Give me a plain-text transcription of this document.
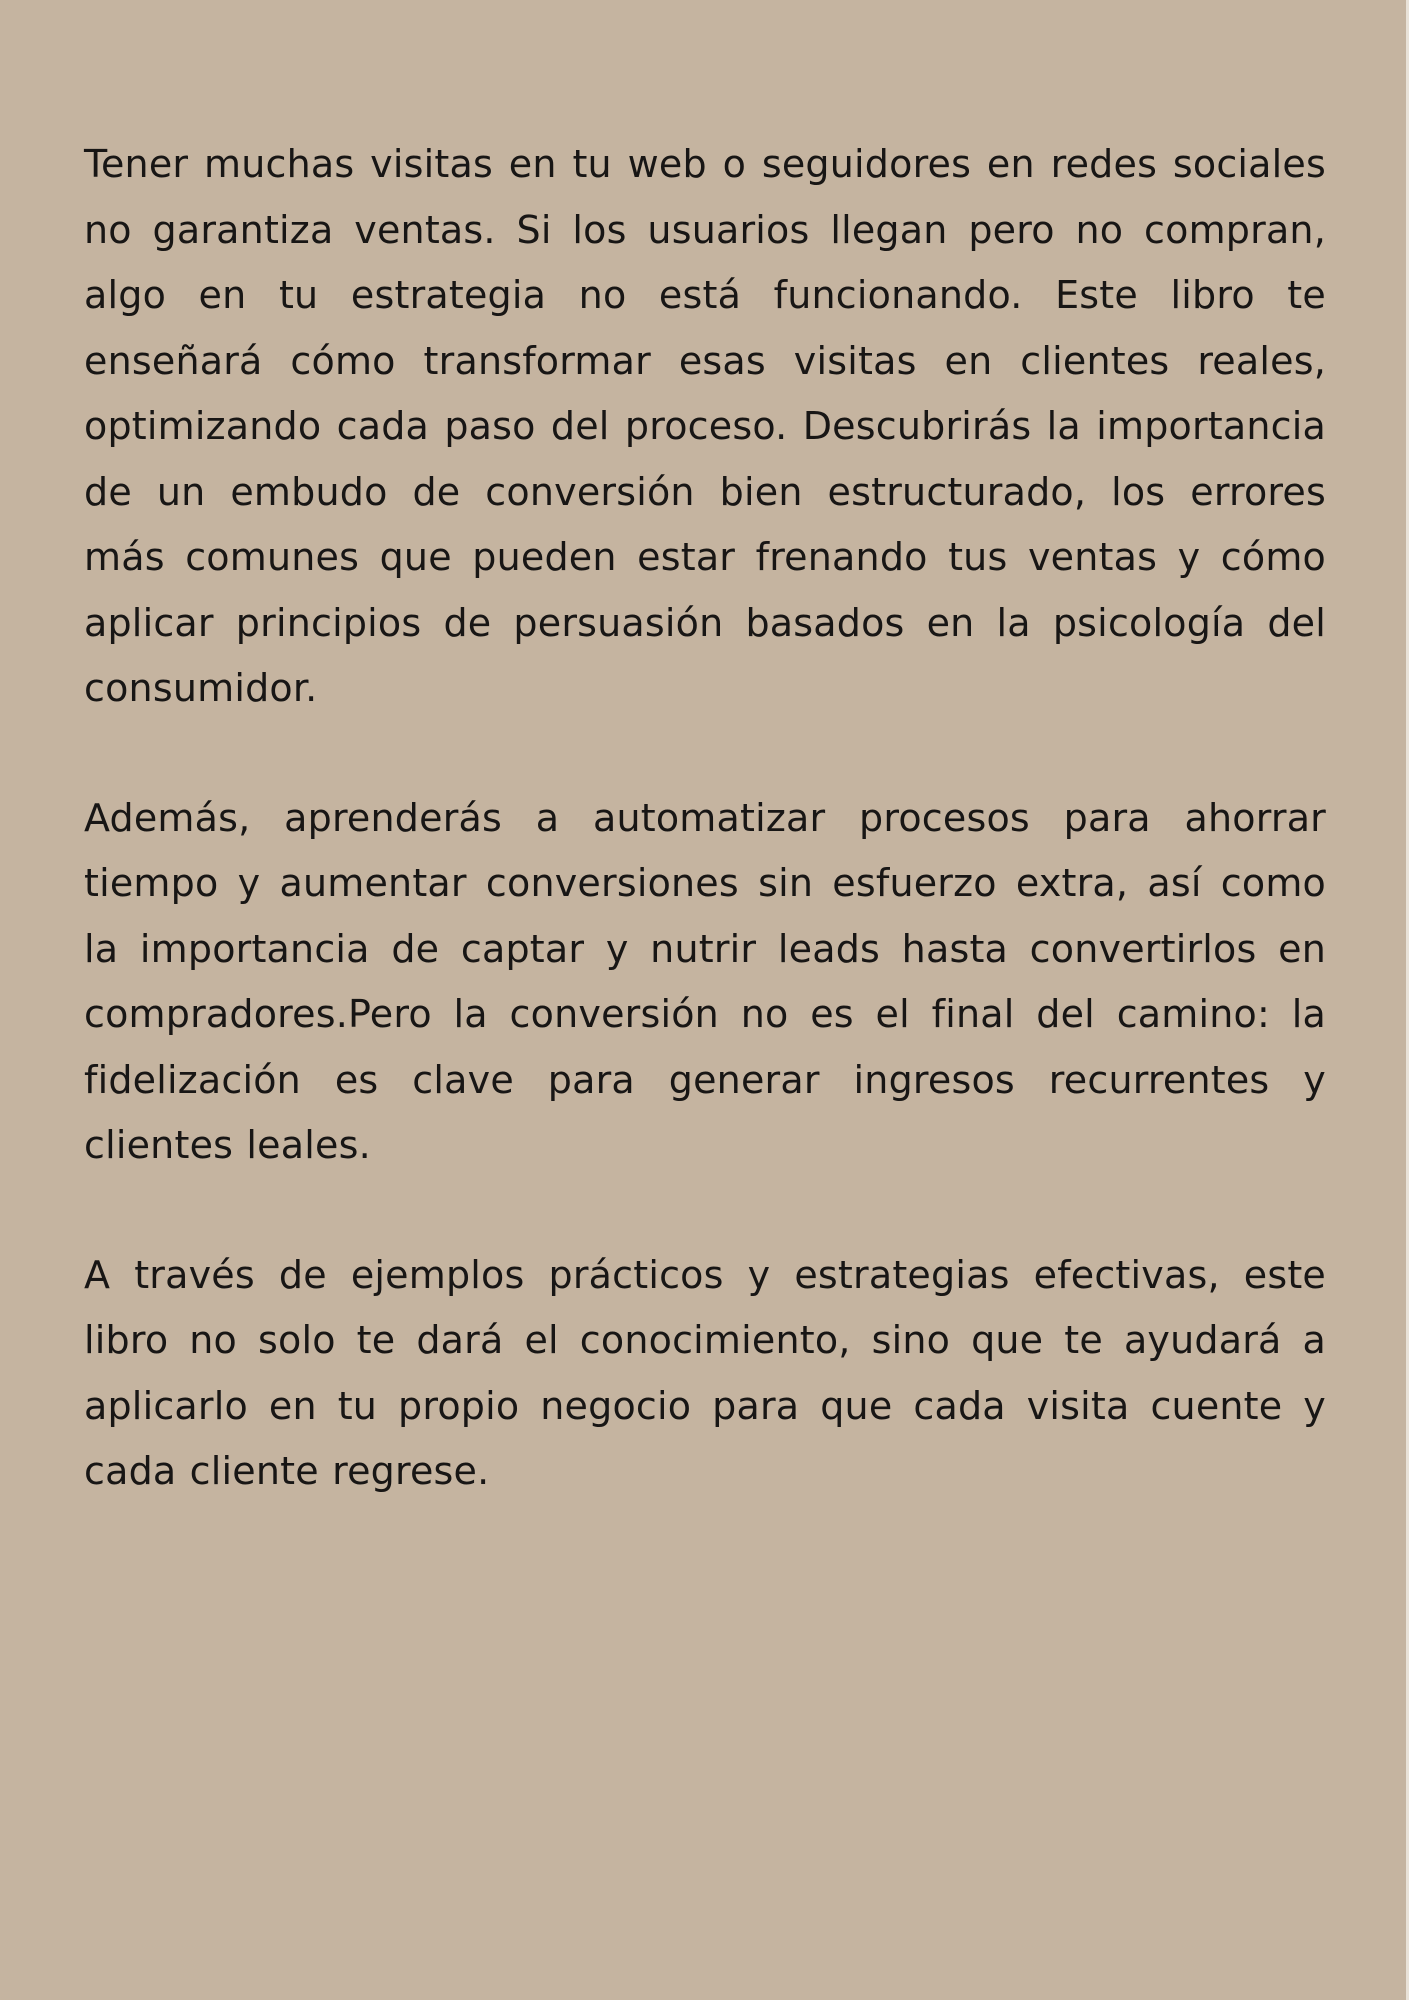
Tener muchas visitas en tu web o seguidores en redes sociales no garantiza ventas. Si los usuarios llegan pero no compran, algo en tu estrategia no está funcionando. Este libro te enseñará cómo transformar esas visitas en clientes reales, optimizando cada paso del proceso. Descubrirás la importancia de un embudo de conversión bien estructurado, los errores más comunes que pueden estar frenando tus ventas y cómo aplicar principios de persuasión basados en la psicología del consumidor.

Además, aprenderás a automatizar procesos para ahorrar tiempo y aumentar conversiones sin esfuerzo extra, así como la importancia de captar y nutrir leads hasta convertirlos en compradores.Pero la conversión no es el final del camino: la fidelización es clave para generar ingresos recurrentes y clientes leales.

A través de ejemplos prácticos y estrategias efectivas, este libro no solo te dará el conocimiento, sino que te ayudará a aplicarlo en tu propio negocio para que cada visita cuente y cada cliente regrese.
